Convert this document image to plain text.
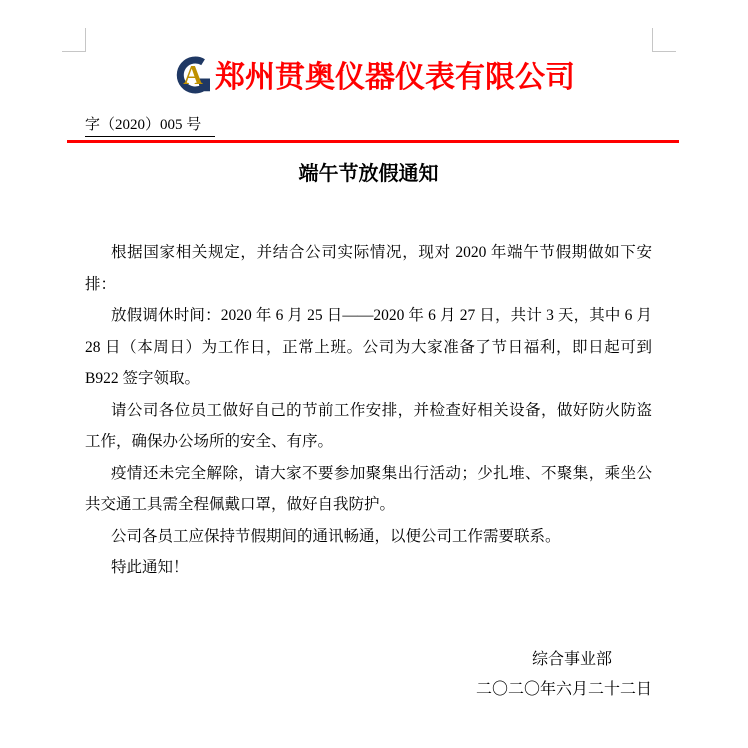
A 郑州贯奥仪器仪表有限公司
字（2020）005 号
端午节放假通知

根据国家相关规定，并结合公司实际情况，现对 2020 年端午节假期做如下安排：

放假调休时间：2020 年 6 月 25 日——2020 年 6 月 27 日，共计 3 天，其中 6 月 28 日（本周日）为工作日，正常上班。公司为大家准备了节日福利，即日起可到 B922 签字领取。

请公司各位员工做好自己的节前工作安排，并检查好相关设备，做好防火防盗工作，确保办公场所的安全、有序。

疫情还未完全解除，请大家不要参加聚集出行活动；少扎堆、不聚集，乘坐公共交通工具需全程佩戴口罩，做好自我防护。

公司各员工应保持节假期间的通讯畅通，以便公司工作需要联系。

特此通知！

综合事业部

二〇二〇年六月二十二日
